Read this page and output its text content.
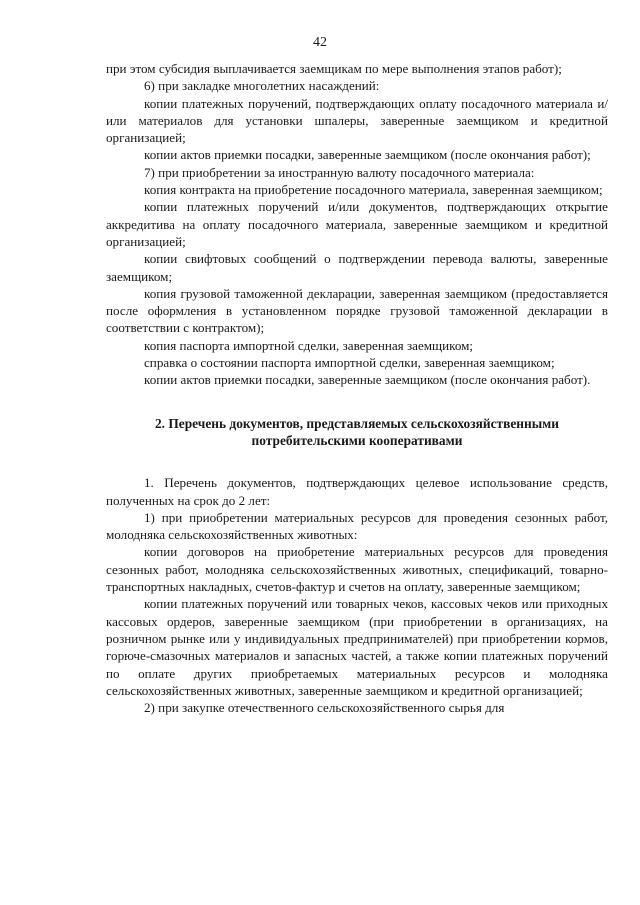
42

при этом субсидия выплачивается заемщикам по мере выполнения этапов работ);

6) при закладке многолетних насаждений:

копии платежных поручений, подтверждающих оплату посадочного материала и/или материалов для установки шпалеры, заверенные заемщиком и кредитной организацией;

копии актов приемки посадки, заверенные заемщиком (после окончания работ);

7) при приобретении за иностранную валюту посадочного материала:

копия контракта на приобретение посадочного материала, заверенная заемщиком;

копии платежных поручений и/или документов, подтверждающих открытие аккредитива на оплату посадочного материала, заверенные заемщиком и кредитной организацией;

копии свифтовых сообщений о подтверждении перевода валюты, заверенные заемщиком;

копия грузовой таможенной декларации, заверенная заемщиком (предоставляется после оформления в установленном порядке грузовой таможенной декларации в соответствии с контрактом);

копия паспорта импортной сделки, заверенная заемщиком;

справка о состоянии паспорта импортной сделки, заверенная заемщиком;

копии актов приемки посадки, заверенные заемщиком (после окончания работ).

2. Перечень документов, представляемых сельскохозяйственными потребительскими кооперативами

1. Перечень документов, подтверждающих целевое использование средств, полученных на срок до 2 лет:

1) при приобретении материальных ресурсов для проведения сезонных работ, молодняка сельскохозяйственных животных:

копии договоров на приобретение материальных ресурсов для проведения сезонных работ, молодняка сельскохозяйственных животных, спецификаций, товарно-транспортных накладных, счетов-фактур и счетов на оплату, заверенные заемщиком;

копии платежных поручений или товарных чеков, кассовых чеков или приходных кассовых ордеров, заверенные заемщиком (при приобретении в организациях, на розничном рынке или у индивидуальных предпринимателей) при приобретении кормов, горюче-смазочных материалов и запасных частей, а также копии платежных поручений по оплате других приобретаемых материальных ресурсов и молодняка сельскохозяйственных животных, заверенные заемщиком и кредитной организацией;

2) при закупке отечественного сельскохозяйственного сырья для
